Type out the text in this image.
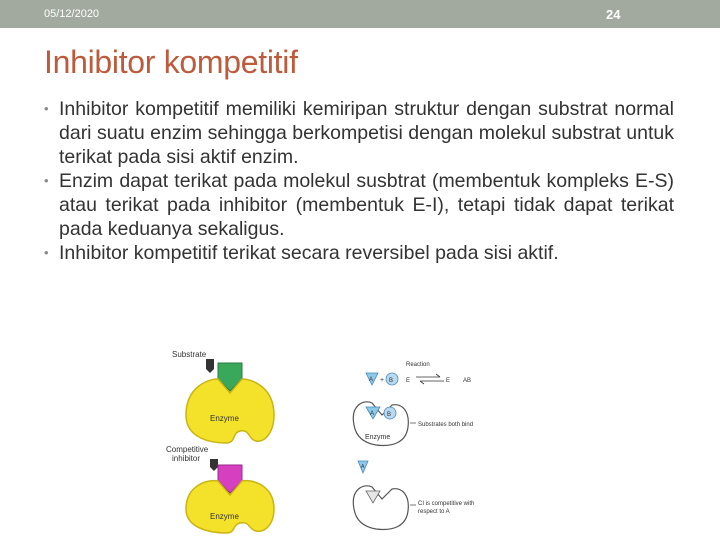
05/12/2020	24
Inhibitor kompetitif
• Inhibitor kompetitif memiliki kemiripan struktur dengan substrat normal dari suatu enzim sehingga berkompetisi dengan molekul substrat untuk terikat pada sisi aktif enzim.
• Enzim dapat terikat pada molekul susbtrat (membentuk kompleks E-S) atau terikat pada inhibitor (membentuk E-I), tetapi tidak dapat terikat pada keduanya sekaligus.
• Inhibitor kompetitif terikat secara reversibel pada sisi aktif.
Substrate
Enzyme
Competitive
inhibitor
Enzyme
Reaction
A + B E	E AB
A B
Enzyme
Substrates both bind
A
CI is competitive with
respect to A
